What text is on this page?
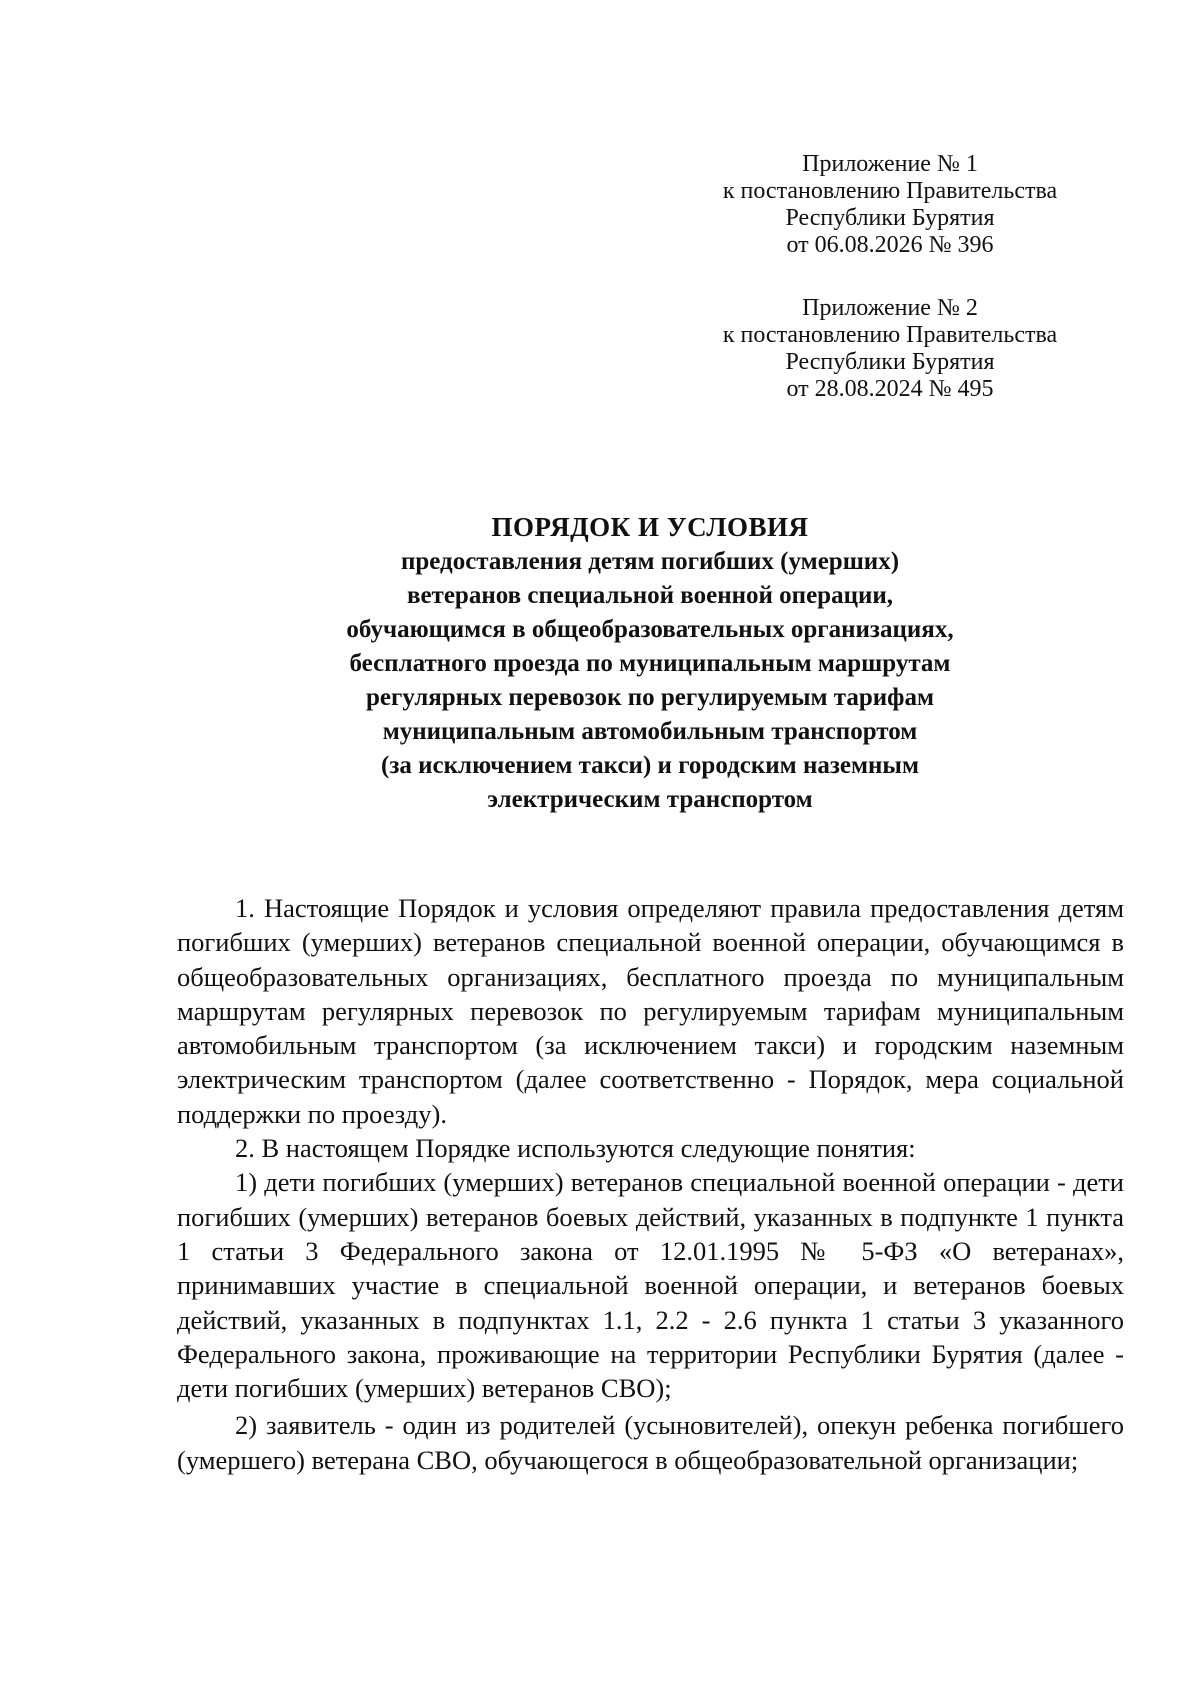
Приложение № 1
к постановлению Правительства
Республики Бурятия
от 06.08.2026 № 396
Приложение № 2
к постановлению Правительства
Республики Бурятия
от 28.08.2024 № 495
ПОРЯДОК И УСЛОВИЯ
предоставления детям погибших (умерших)
ветеранов специальной военной операции,
обучающимся в общеобразовательных организациях,
бесплатного проезда по муниципальным маршрутам
регулярных перевозок по регулируемым тарифам
муниципальным автомобильным транспортом
(за исключением такси) и городским наземным
электрическим транспортом

1. Настоящие Порядок и условия определяют правила предоставления детям погибших (умерших) ветеранов специальной военной операции, обучающимся в общеобразовательных организациях, бесплатного проезда по муниципальным маршрутам регулярных перевозок по регулируемым тарифам муниципальным автомобильным транспортом (за исключением такси) и городским наземным электрическим транспортом (далее соответственно - Порядок, мера социальной поддержки по проезду).

2. В настоящем Порядке используются следующие понятия:

1) дети погибших (умерших) ветеранов специальной военной операции - дети погибших (умерших) ветеранов боевых действий, указанных в подпункте 1 пункта 1 статьи 3 Федерального закона от 12.01.1995 № 5-ФЗ «О ветеранах», принимавших участие в специальной военной операции, и ветеранов боевых действий, указанных в подпунктах 1.1, 2.2 - 2.6 пункта 1 статьи 3 указанного Федерального закона, проживающие на территории Республики Бурятия (далее - дети погибших (умерших) ветеранов СВО);

2) заявитель - один из родителей (усыновителей), опекун ребенка погибшего (умершего) ветерана СВО, обучающегося в общеобразовательной организации;
